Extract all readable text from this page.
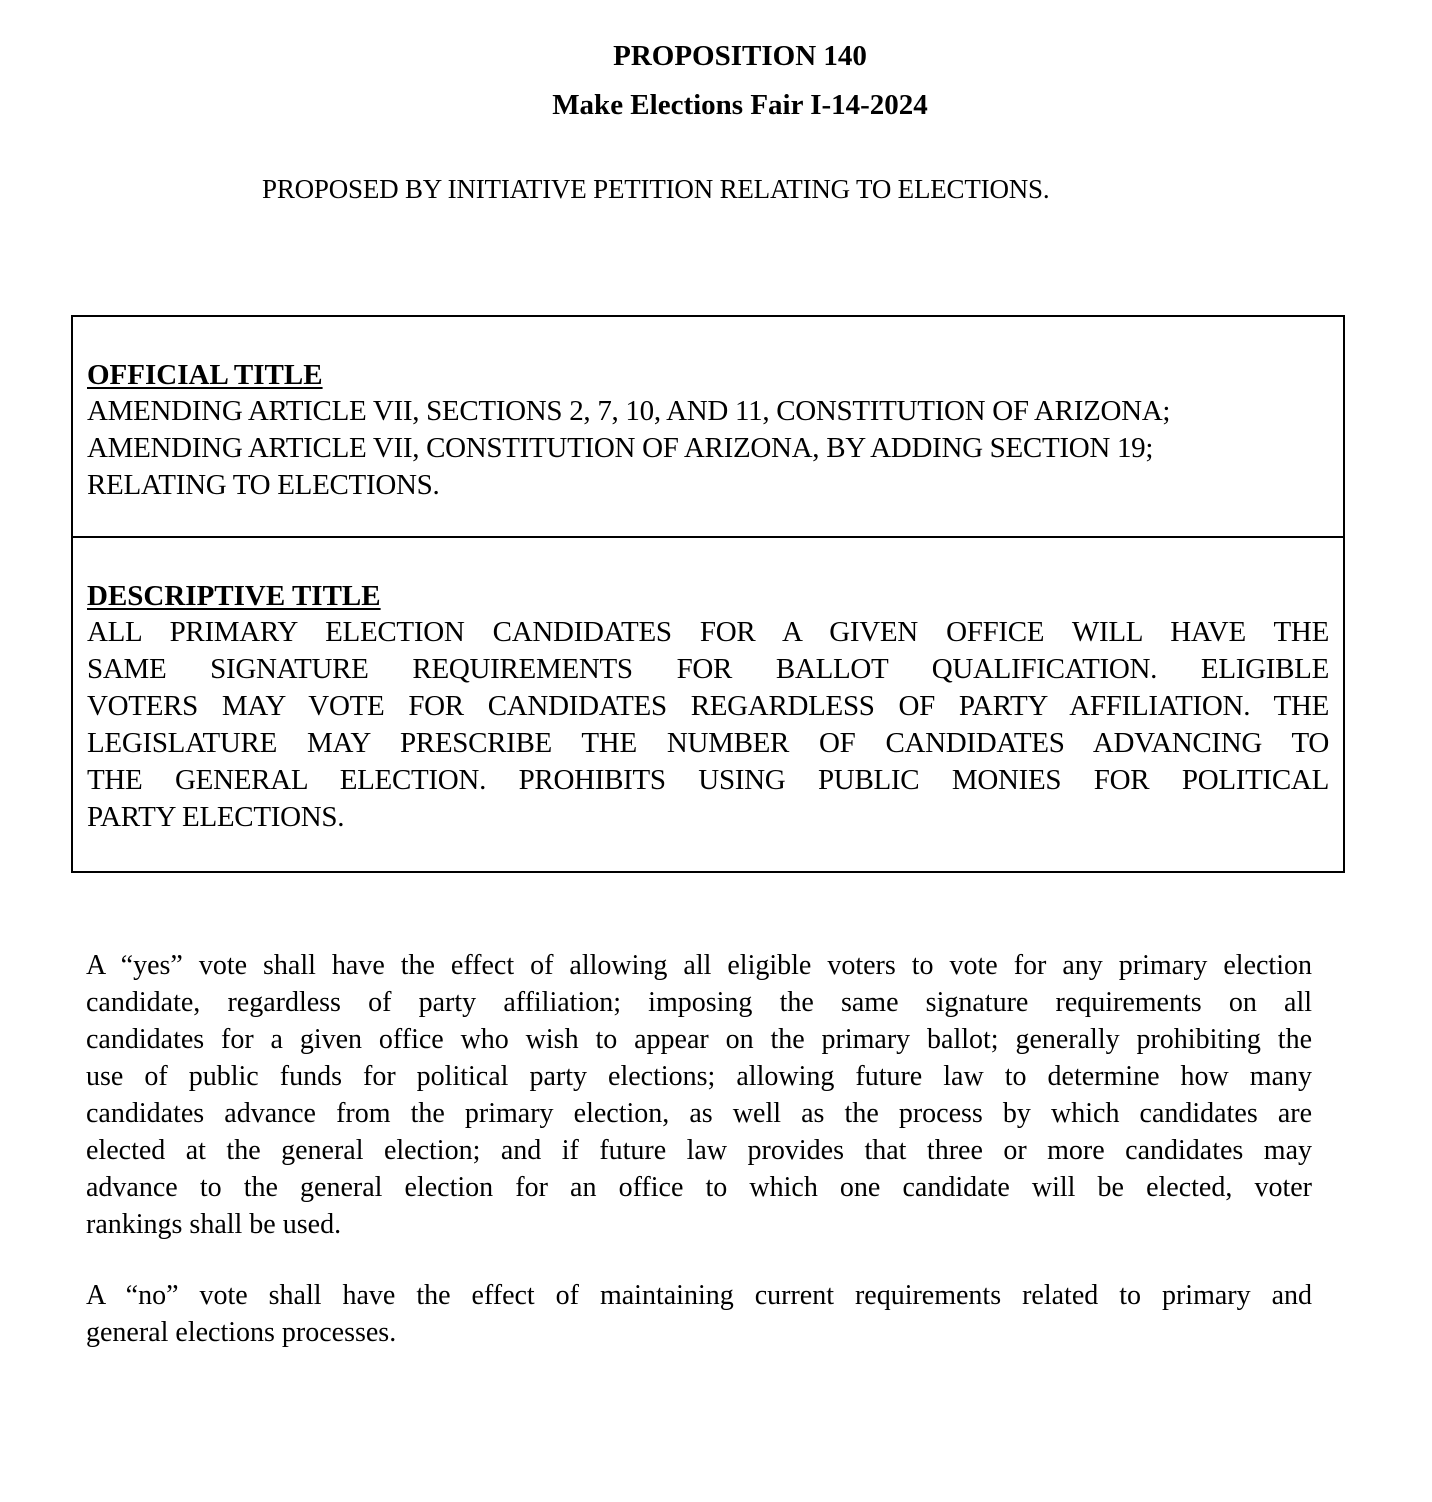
PROPOSITION 140
Make Elections Fair I-14-2024
PROPOSED BY INITIATIVE PETITION RELATING TO ELECTIONS.
OFFICIAL TITLE
AMENDING ARTICLE VII, SECTIONS 2, 7, 10, AND 11, CONSTITUTION OF ARIZONA;
AMENDING ARTICLE VII, CONSTITUTION OF ARIZONA, BY ADDING SECTION 19;
RELATING TO ELECTIONS.
DESCRIPTIVE TITLE
ALL PRIMARY ELECTION CANDIDATES FOR A GIVEN OFFICE WILL HAVE THE
SAME SIGNATURE REQUIREMENTS FOR BALLOT QUALIFICATION. ELIGIBLE
VOTERS MAY VOTE FOR CANDIDATES REGARDLESS OF PARTY AFFILIATION. THE
LEGISLATURE MAY PRESCRIBE THE NUMBER OF CANDIDATES ADVANCING TO
THE GENERAL ELECTION. PROHIBITS USING PUBLIC MONIES FOR POLITICAL
PARTY ELECTIONS.
A “yes” vote shall have the effect of allowing all eligible voters to vote for any primary election
candidate, regardless of party affiliation; imposing the same signature requirements on all
candidates for a given office who wish to appear on the primary ballot; generally prohibiting the
use of public funds for political party elections; allowing future law to determine how many
candidates advance from the primary election, as well as the process by which candidates are
elected at the general election; and if future law provides that three or more candidates may
advance to the general election for an office to which one candidate will be elected, voter
rankings shall be used.
A “no” vote shall have the effect of maintaining current requirements related to primary and
general elections processes.
